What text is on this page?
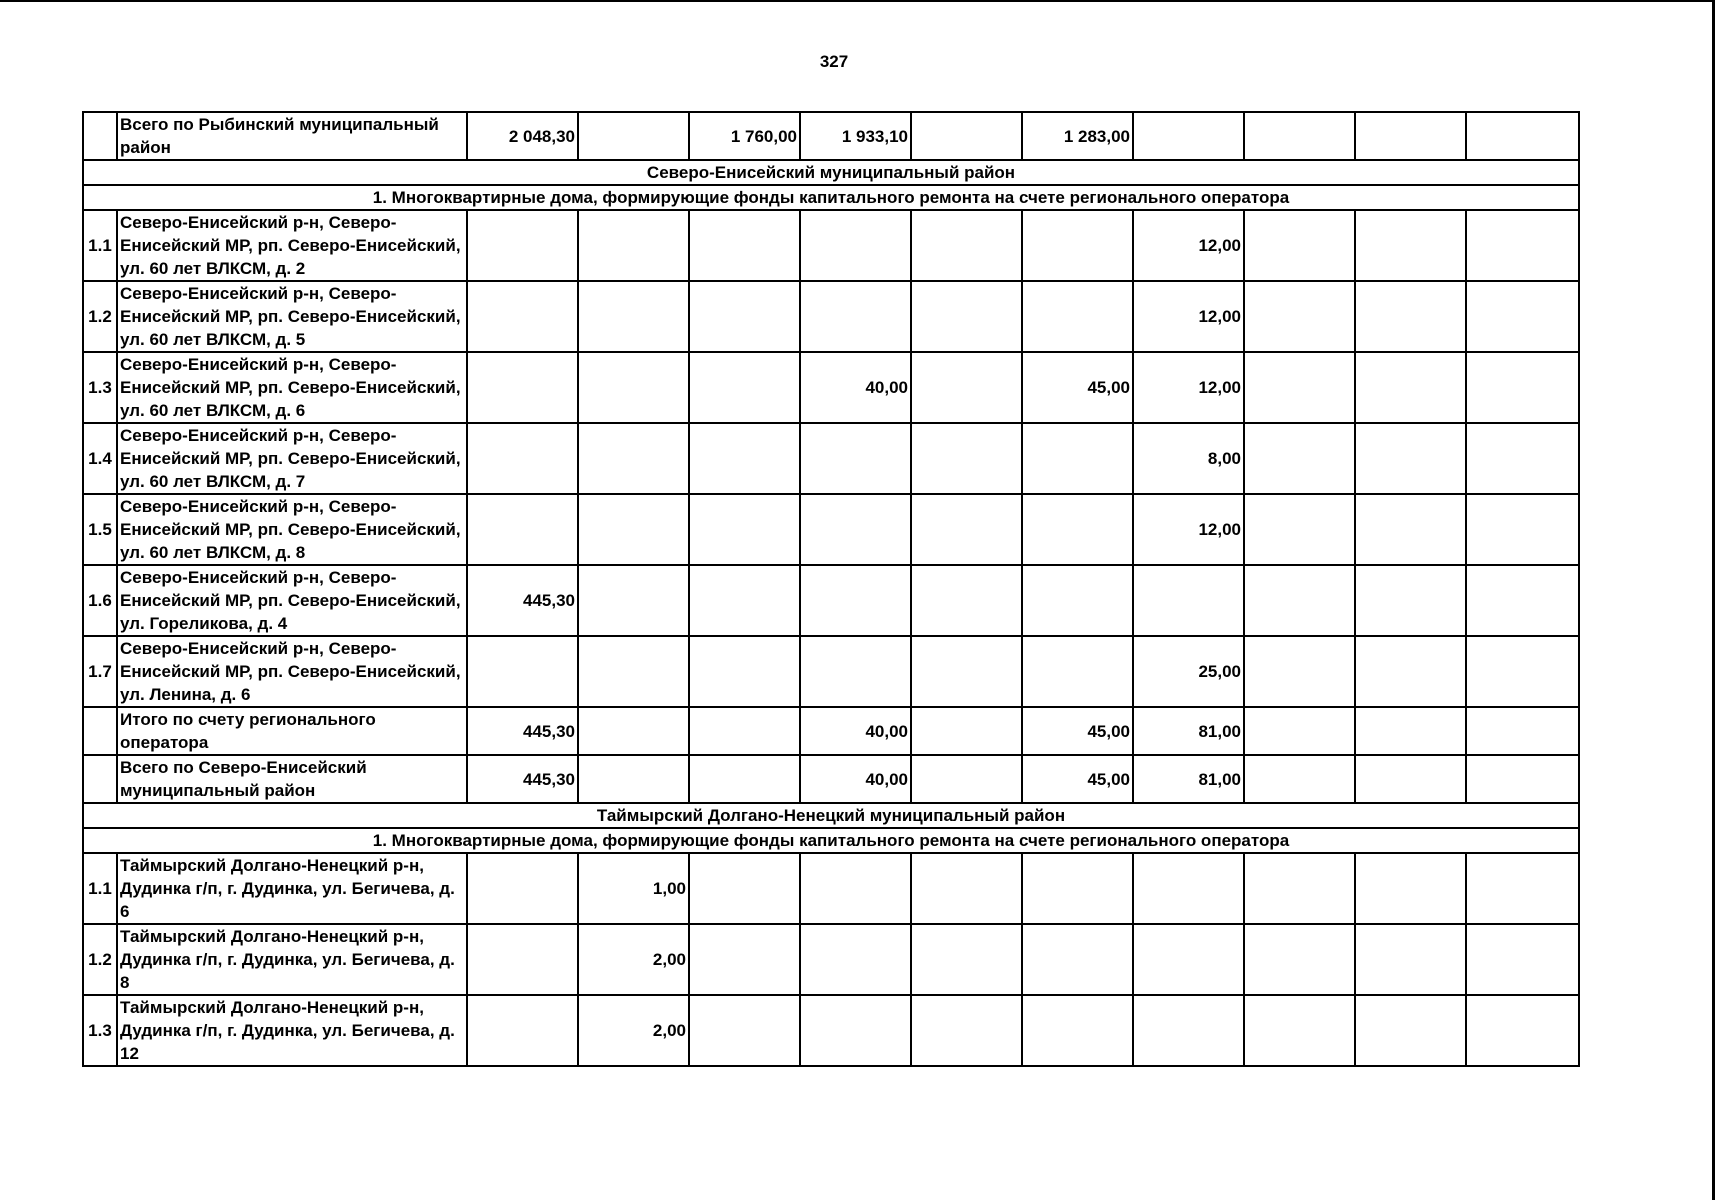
327
	Всего по Рыбинский муниципальный район	2 048,30		1 760,00	1 933,10		1 283,00				
Северо-Енисейский муниципальный район											
1. Многоквартирные дома, формирующие фонды капитального ремонта на счете регионального оператора											
1.1	Северо-Енисейский р-н, Северо-Енисейский МР, рп. Северо-Енисейский, ул. 60 лет ВЛКСМ, д. 2							12,00			
1.2	Северо-Енисейский р-н, Северо-Енисейский МР, рп. Северо-Енисейский, ул. 60 лет ВЛКСМ, д. 5							12,00			
1.3	Северо-Енисейский р-н, Северо-Енисейский МР, рп. Северо-Енисейский, ул. 60 лет ВЛКСМ, д. 6				40,00		45,00	12,00			
1.4	Северо-Енисейский р-н, Северо-Енисейский МР, рп. Северо-Енисейский, ул. 60 лет ВЛКСМ, д. 7							8,00			
1.5	Северо-Енисейский р-н, Северо-Енисейский МР, рп. Северо-Енисейский, ул. 60 лет ВЛКСМ, д. 8							12,00			
1.6	Северо-Енисейский р-н, Северо-Енисейский МР, рп. Северо-Енисейский, ул. Гореликова, д. 4	445,30									
1.7	Северо-Енисейский р-н, Северо-Енисейский МР, рп. Северо-Енисейский, ул. Ленина, д. 6							25,00			
	Итого по счету регионального оператора	445,30			40,00		45,00	81,00			
	Всего по Северо-Енисейский муниципальный район	445,30			40,00		45,00	81,00			
Таймырский Долгано-Ненецкий муниципальный район											
1. Многоквартирные дома, формирующие фонды капитального ремонта на счете регионального оператора											
1.1	Таймырский Долгано-Ненецкий р-н, Дудинка г/п, г. Дудинка, ул. Бегичева, д. 6		1,00								
1.2	Таймырский Долгано-Ненецкий р-н, Дудинка г/п, г. Дудинка, ул. Бегичева, д. 8		2,00								
1.3	Таймырский Долгано-Ненецкий р-н, Дудинка г/п, г. Дудинка, ул. Бегичева, д. 12		2,00								
